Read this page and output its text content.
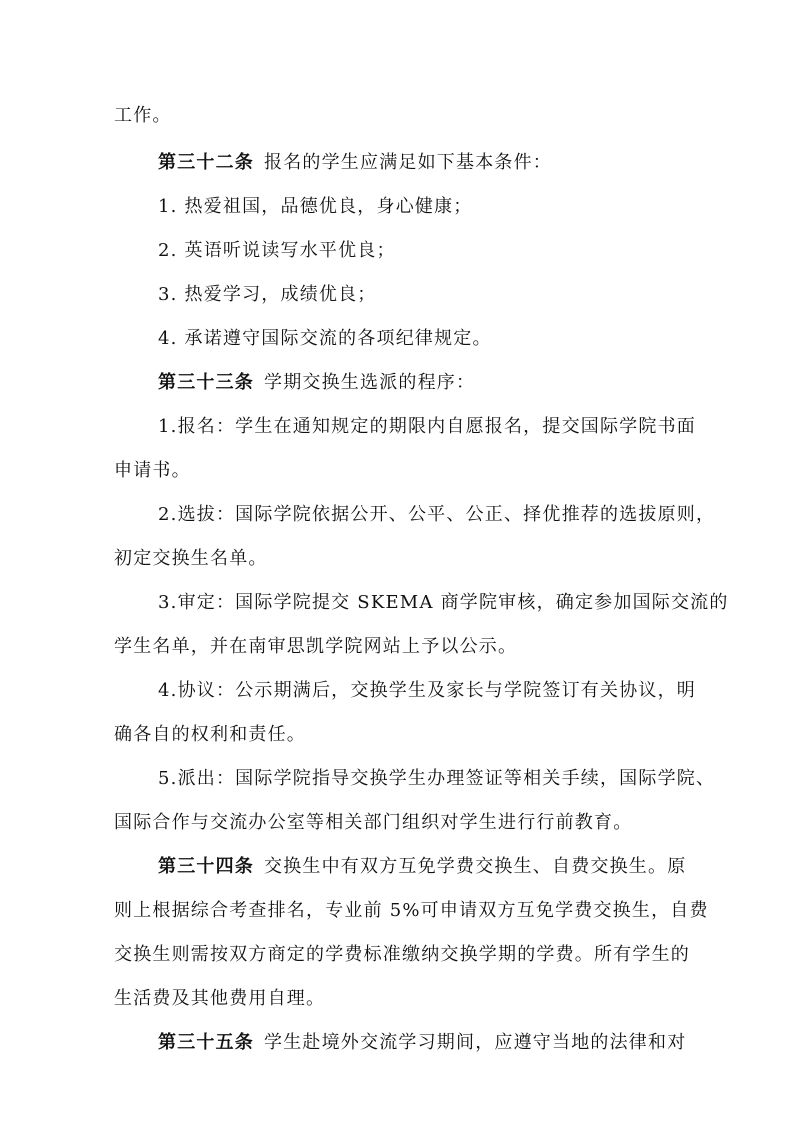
工作。
第三十二条 报名的学生应满足如下基本条件：
1. 热爱祖国，品德优良，身心健康；
2. 英语听说读写水平优良；
3. 热爱学习，成绩优良；
4. 承诺遵守国际交流的各项纪律规定。
第三十三条 学期交换生选派的程序：
1.报名：学生在通知规定的期限内自愿报名，提交国际学院书面
申请书。
2.选拔：国际学院依据公开、公平、公正、择优推荐的选拔原则，
初定交换生名单。
3.审定：国际学院提交 SKEMA 商学院审核，确定参加国际交流的
学生名单，并在南审思凯学院网站上予以公示。
4.协议：公示期满后，交换学生及家长与学院签订有关协议，明
确各自的权利和责任。
5.派出：国际学院指导交换学生办理签证等相关手续，国际学院、
国际合作与交流办公室等相关部门组织对学生进行行前教育。
第三十四条 交换生中有双方互免学费交换生、自费交换生。原
则上根据综合考查排名，专业前 5%可申请双方互免学费交换生，自费
交换生则需按双方商定的学费标准缴纳交换学期的学费。所有学生的
生活费及其他费用自理。
第三十五条 学生赴境外交流学习期间，应遵守当地的法律和对
